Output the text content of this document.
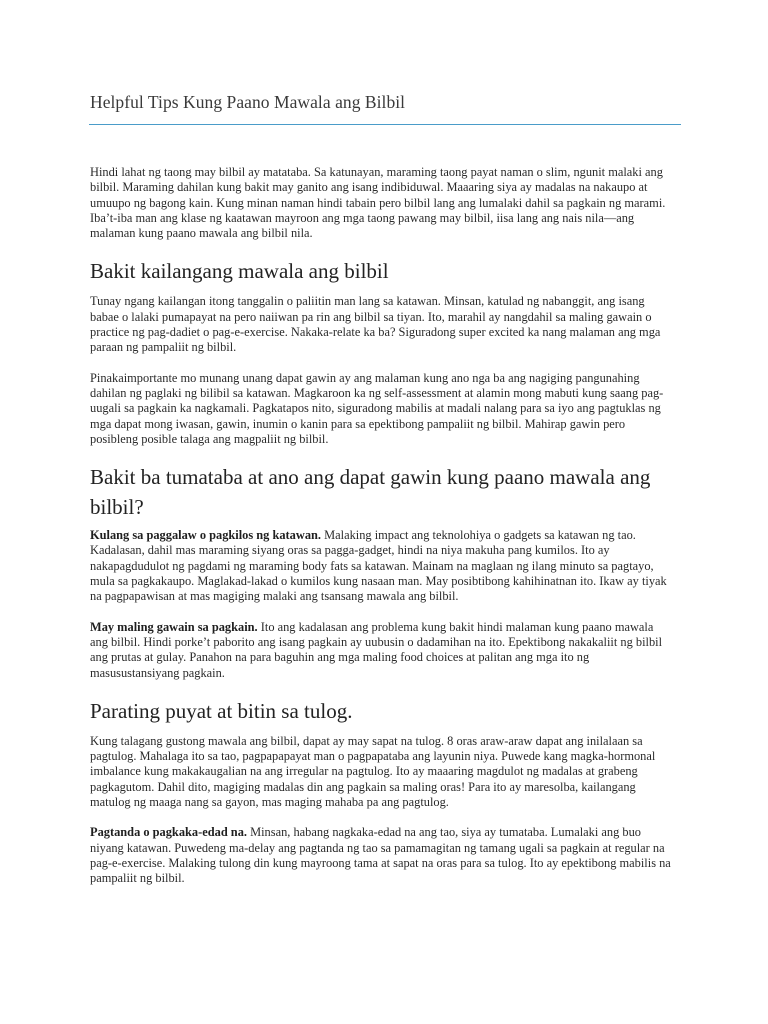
Helpful Tips Kung Paano Mawala ang Bilbil

Hindi lahat ng taong may bilbil ay matataba. Sa katunayan, maraming taong payat naman o slim, ngunit malaki ang bilbil. Maraming dahilan kung bakit may ganito ang isang indibiduwal. Maaaring siya ay madalas na nakaupo at umuupo ng bagong kain. Kung minan naman hindi tabain pero bilbil lang ang lumalaki dahil sa pagkain ng marami. Iba’t-iba man ang klase ng kaatawan mayroon ang mga taong pawang may bilbil, iisa lang ang nais nila—ang malaman kung paano mawala ang bilbil nila.

Bakit kailangang mawala ang bilbil

Tunay ngang kailangan itong tanggalin o paliitin man lang sa katawan. Minsan, katulad ng nabanggit, ang isang babae o lalaki pumapayat na pero naiiwan pa rin ang bilbil sa tiyan. Ito, marahil ay nangdahil sa maling gawain o practice ng pag-dadiet o pag-e-exercise. Nakaka-relate ka ba? Siguradong super excited ka nang malaman ang mga paraan ng pampaliit ng bilbil.

Pinakaimportante mo munang unang dapat gawin ay ang malaman kung ano nga ba ang nagiging pangunahing dahilan ng paglaki ng bilibil sa katawan. Magkaroon ka ng self-assessment at alamin mong mabuti kung saang pag-uugali sa pagkain ka nagkamali. Pagkatapos nito, siguradong mabilis at madali nalang para sa iyo ang pagtuklas ng mga dapat mong iwasan, gawin, inumin o kanin para sa epektibong pampaliit ng bilbil. Mahirap gawin pero posibleng posible talaga ang magpaliit ng bilbil.

Bakit ba tumataba at ano ang dapat gawin kung paano mawala ang bilbil?

Kulang sa paggalaw o pagkilos ng katawan. Malaking impact ang teknolohiya o gadgets sa katawan ng tao. Kadalasan, dahil mas maraming siyang oras sa pagga-gadget, hindi na niya makuha pang kumilos. Ito ay nakapagdudulot ng pagdami ng maraming body fats sa katawan. Mainam na maglaan ng ilang minuto sa pagtayo, mula sa pagkakaupo. Maglakad-lakad o kumilos kung nasaan man. May posibtibong kahihinatnan ito. Ikaw ay tiyak na pagpapawisan at mas magiging malaki ang tsansang mawala ang bilbil.

May maling gawain sa pagkain. Ito ang kadalasan ang problema kung bakit hindi malaman kung paano mawala ang bilbil. Hindi porke’t paborito ang isang pagkain ay uubusin o dadamihan na ito. Epektibong nakakaliit ng bilbil ang prutas at gulay. Panahon na para baguhin ang mga maling food choices at palitan ang mga ito ng masusustansiyang pagkain.

Parating puyat at bitin sa tulog.

Kung talagang gustong mawala ang bilbil, dapat ay may sapat na tulog. 8 oras araw-araw dapat ang inilalaan sa pagtulog. Mahalaga ito sa tao, pagpapapayat man o pagpapataba ang layunin niya. Puwede kang magka-hormonal imbalance kung makakaugalian na ang irregular na pagtulog. Ito ay maaaring magdulot ng madalas at grabeng pagkagutom. Dahil dito, magiging madalas din ang pagkain sa maling oras! Para ito ay maresolba, kailangang matulog ng maaga nang sa gayon, mas maging mahaba pa ang pagtulog.

Pagtanda o pagkaka-edad na. Minsan, habang nagkaka-edad na ang tao, siya ay tumataba. Lumalaki ang buo niyang katawan. Puwedeng ma-delay ang pagtanda ng tao sa pamamagitan ng tamang ugali sa pagkain at regular na pag-e-exercise. Malaking tulong din kung mayroong tama at sapat na oras para sa tulog. Ito ay epektibong mabilis na pampaliit ng bilbil.
